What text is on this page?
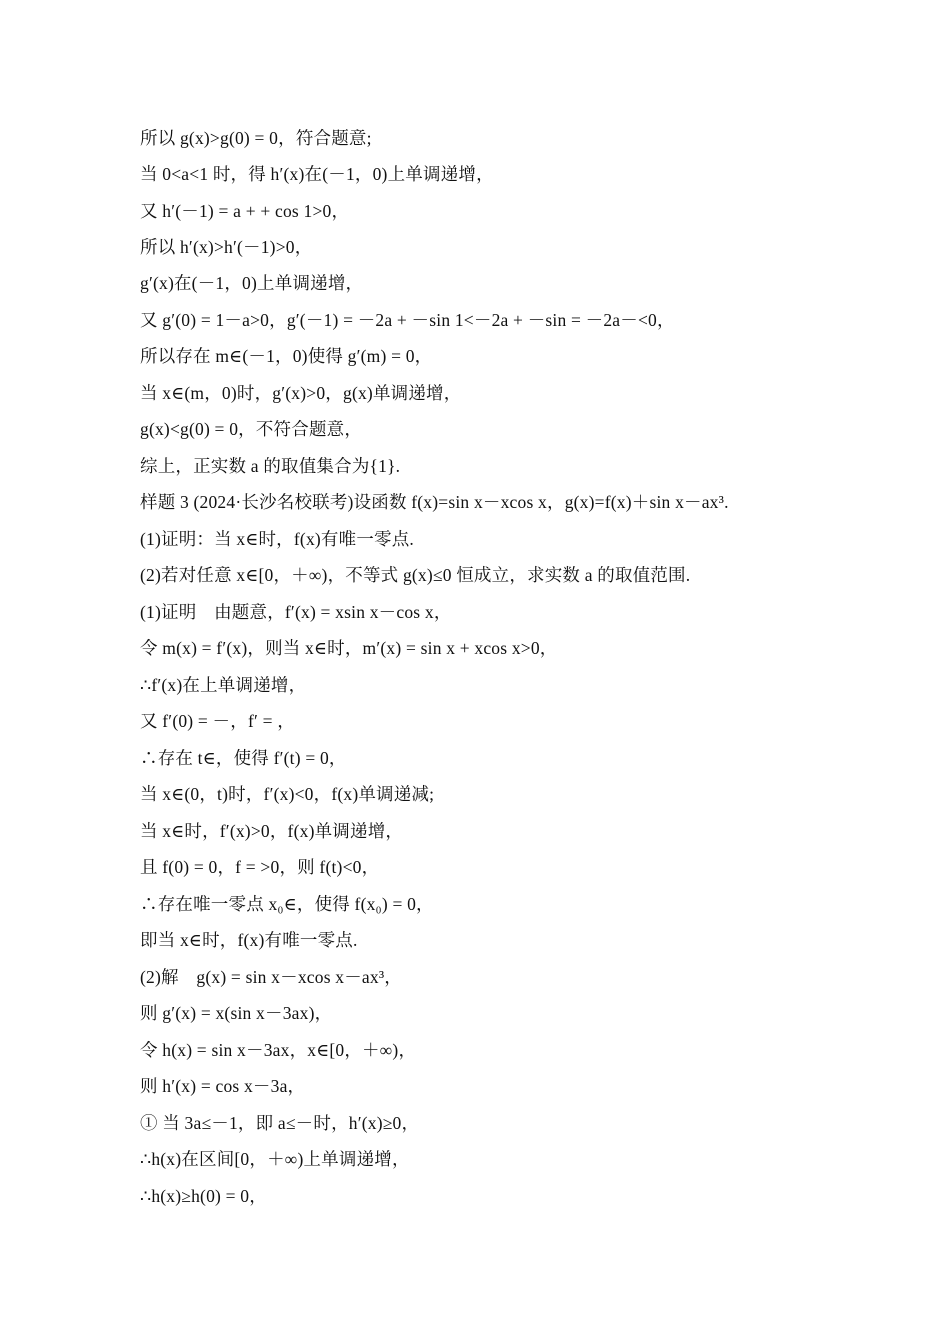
所以 g(x)>g(0) = 0，符合题意;
当 0<a<1 时，得 h′(x)在(－1，0)上单调递增，
又 h′(－1) = a + + cos 1>0，
所以 h′(x)>h′(－1)>0，
g′(x)在(－1，0)上单调递增，
又 g′(0) = 1－a>0，g′(－1) = －2a + －sin 1<－2a + －sin = －2a－<0，
所以存在 m∈(－1，0)使得 g′(m) = 0，
当 x∈(m，0)时，g′(x)>0，g(x)单调递增，
g(x)<g(0) = 0，不符合题意，
综上，正实数 a 的取值集合为{1}.
样题 3 (2024·长沙名校联考)设函数 f(x)=sin x－xcos x，g(x)=f(x)＋sin x－ax³.
(1)证明：当 x∈时，f(x)有唯一零点.
(2)若对任意 x∈[0，＋∞)，不等式 g(x)≤0 恒成立，求实数 a 的取值范围.
(1)证明　由题意，f′(x) = xsin x－cos x，
令 m(x) = f′(x)，则当 x∈时，m′(x) = sin x + xcos x>0，
∴f′(x)在上单调递增，
又 f′(0) = －，f′ = ，
∴存在 t∈，使得 f′(t) = 0，
当 x∈(0，t)时，f′(x)<0，f(x)单调递减;
当 x∈时，f′(x)>0，f(x)单调递增，
且 f(0) = 0，f = >0，则 f(t)<0，
∴存在唯一零点 x₀∈，使得 f(x₀) = 0，
即当 x∈时，f(x)有唯一零点.
(2)解　g(x) = sin x－xcos x－ax³，
则 g′(x) = x(sin x－3ax)，
令 h(x) = sin x－3ax，x∈[0，＋∞)，
则 h′(x) = cos x－3a，
① 当 3a≤－1，即 a≤－时，h′(x)≥0，
∴h(x)在区间[0，＋∞)上单调递增，
∴h(x)≥h(0) = 0，
